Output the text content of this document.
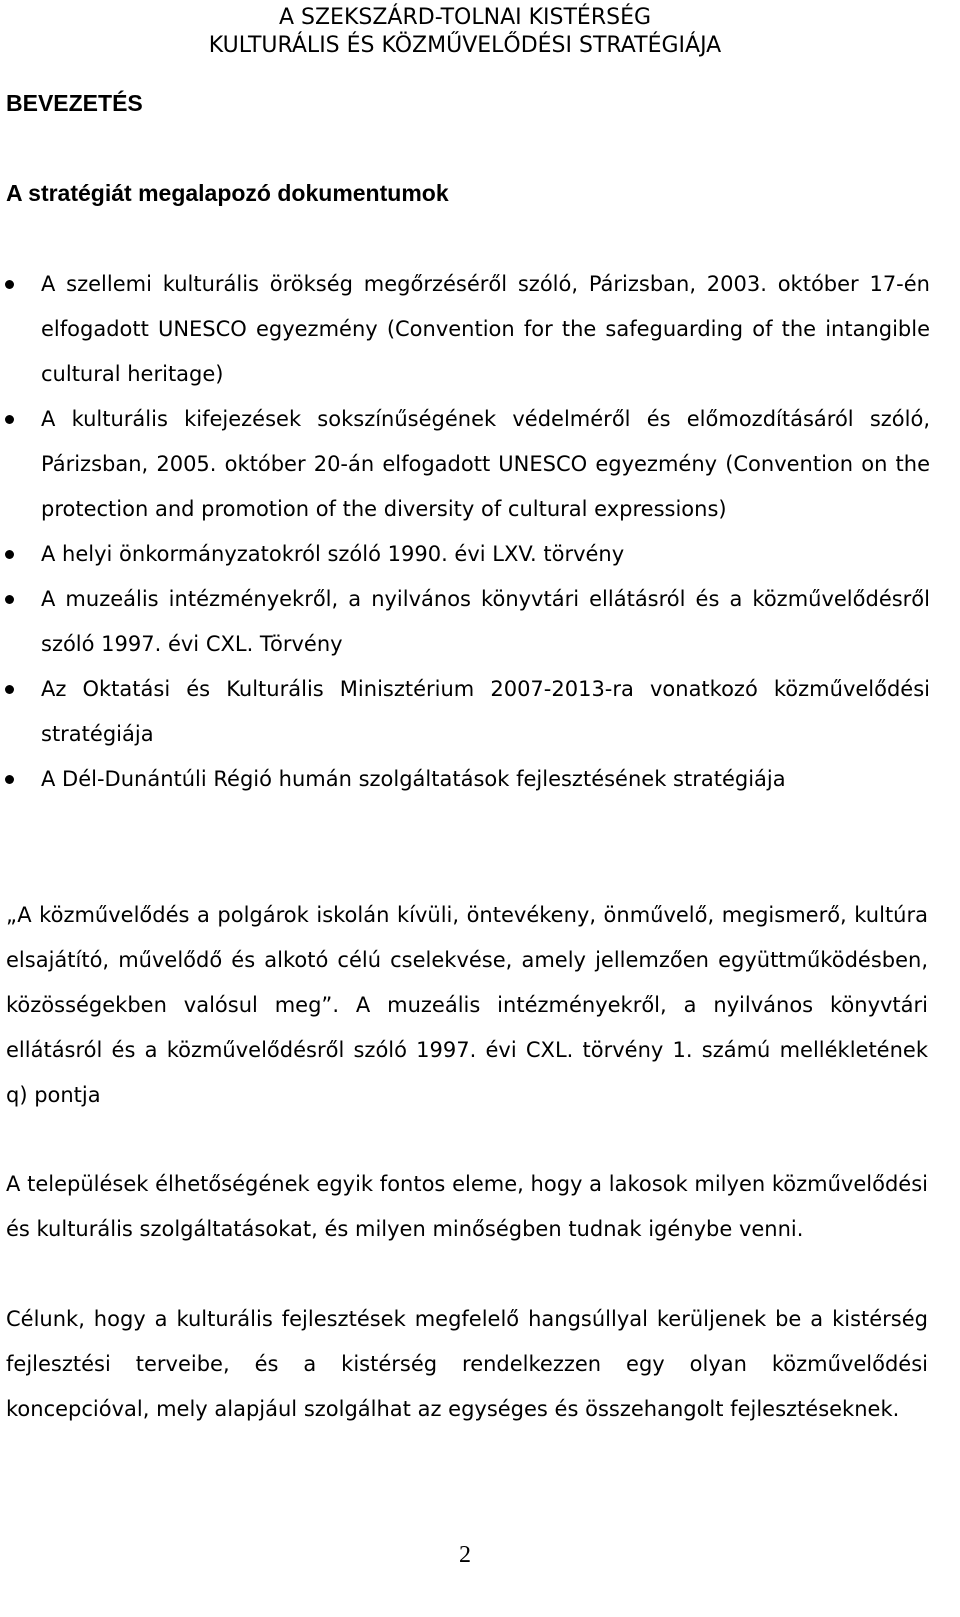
A SZEKSZÁRD-TOLNAI KISTÉRSÉG
KULTURÁLIS ÉS KÖZMŰVELŐDÉSI STRATÉGIÁJA
BEVEZETÉS
A stratégiát megalapozó dokumentumok
A szellemi kulturális örökség megőrzéséről szóló, Párizsban, 2003. október 17-én elfogadott UNESCO egyezmény (Convention for the safeguarding of the intangible cultural heritage)
A kulturális kifejezések sokszínűségének védelméről és előmozdításáról szóló, Párizsban, 2005. október 20-án elfogadott UNESCO egyezmény (Convention on the protection and promotion of the diversity of cultural expressions)
A helyi önkormányzatokról szóló 1990. évi LXV. törvény
A muzeális intézményekről, a nyilvános könyvtári ellátásról és a közművelődésről szóló 1997. évi CXL. Törvény
Az Oktatási és Kulturális Minisztérium 2007-2013-ra vonatkozó közművelődési stratégiája
A Dél-Dunántúli Régió humán szolgáltatások fejlesztésének stratégiája
„A közművelődés a polgárok iskolán kívüli, öntevékeny, önművelő, megismerő, kultúra elsajátító, művelődő és alkotó célú cselekvése, amely jellemzően együttműködésben, közösségekben valósul meg”. A muzeális intézményekről, a nyilvános könyvtári ellátásról és a közművelődésről szóló 1997. évi CXL. törvény 1. számú mellékletének q) pontja
A települések élhetőségének egyik fontos eleme, hogy a lakosok milyen közművelődési és kulturális szolgáltatásokat, és milyen minőségben tudnak igénybe venni.
Célunk, hogy a kulturális fejlesztések megfelelő hangsúllyal kerüljenek be a kistérség fejlesztési terveibe, és a kistérség rendelkezzen egy olyan közművelődési koncepcióval, mely alapjául szolgálhat az egységes és összehangolt fejlesztéseknek.
2
